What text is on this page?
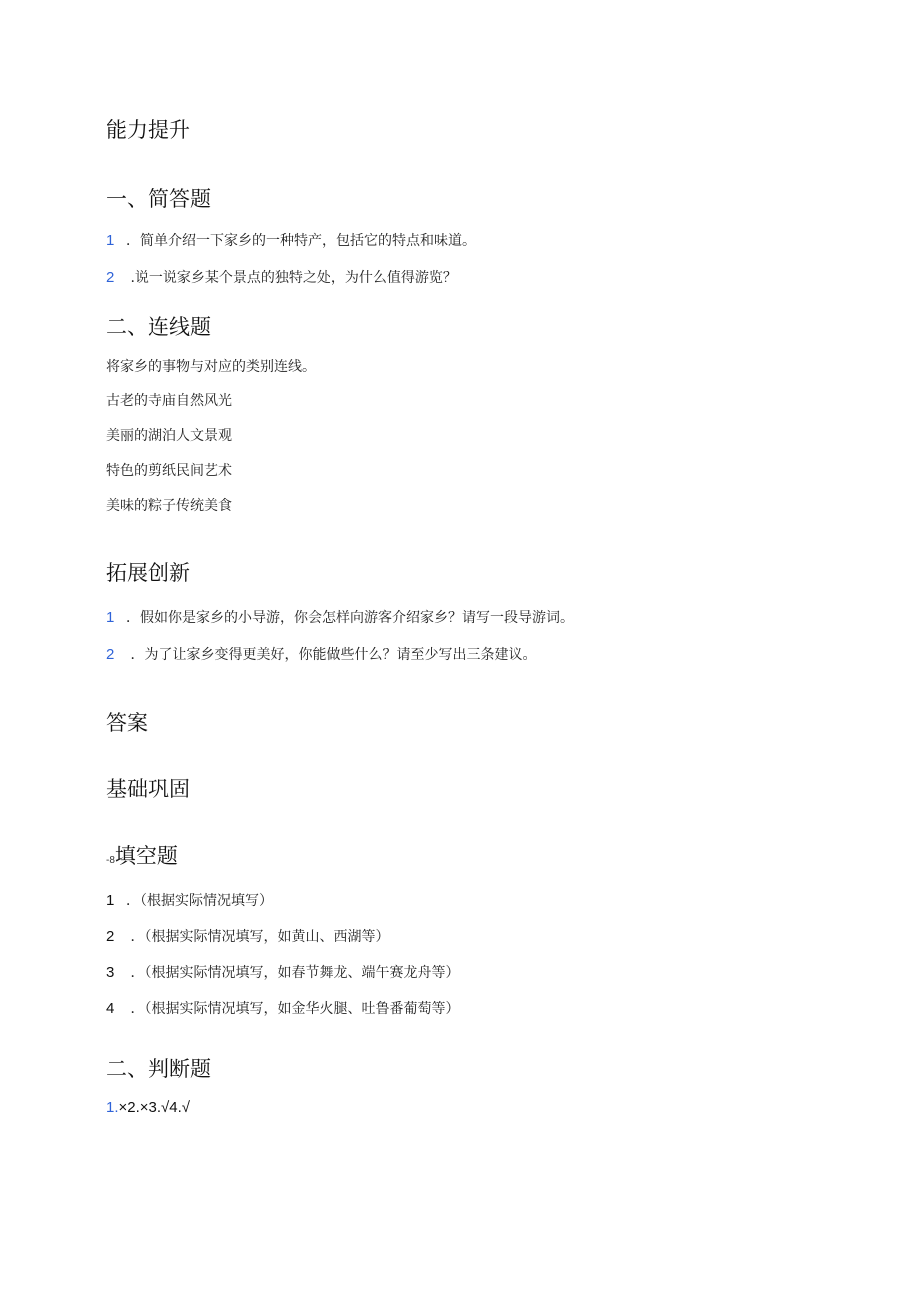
能力提升
一、简答题
1 ．简单介绍一下家乡的一种特产，包括它的特点和味道。
2 .说一说家乡某个景点的独特之处，为什么值得游览？
二、连线题
将家乡的事物与对应的类别连线。
古老的寺庙自然风光
美丽的湖泊人文景观
特色的剪纸民间艺术
美味的粽子传统美食
拓展创新
1 ．假如你是家乡的小导游，你会怎样向游客介绍家乡？请写一段导游词。
2 ．为了让家乡变得更美好，你能做些什么？请至少写出三条建议。
答案
基础巩固
-8填空题
1 ．（根据实际情况填写）
2 ．（根据实际情况填写，如黄山、西湖等）
3 ．（根据实际情况填写，如春节舞龙、端午赛龙舟等）
4 ．（根据实际情况填写，如金华火腿、吐鲁番葡萄等）
二、判断题
1.×2.×3.√4.√
